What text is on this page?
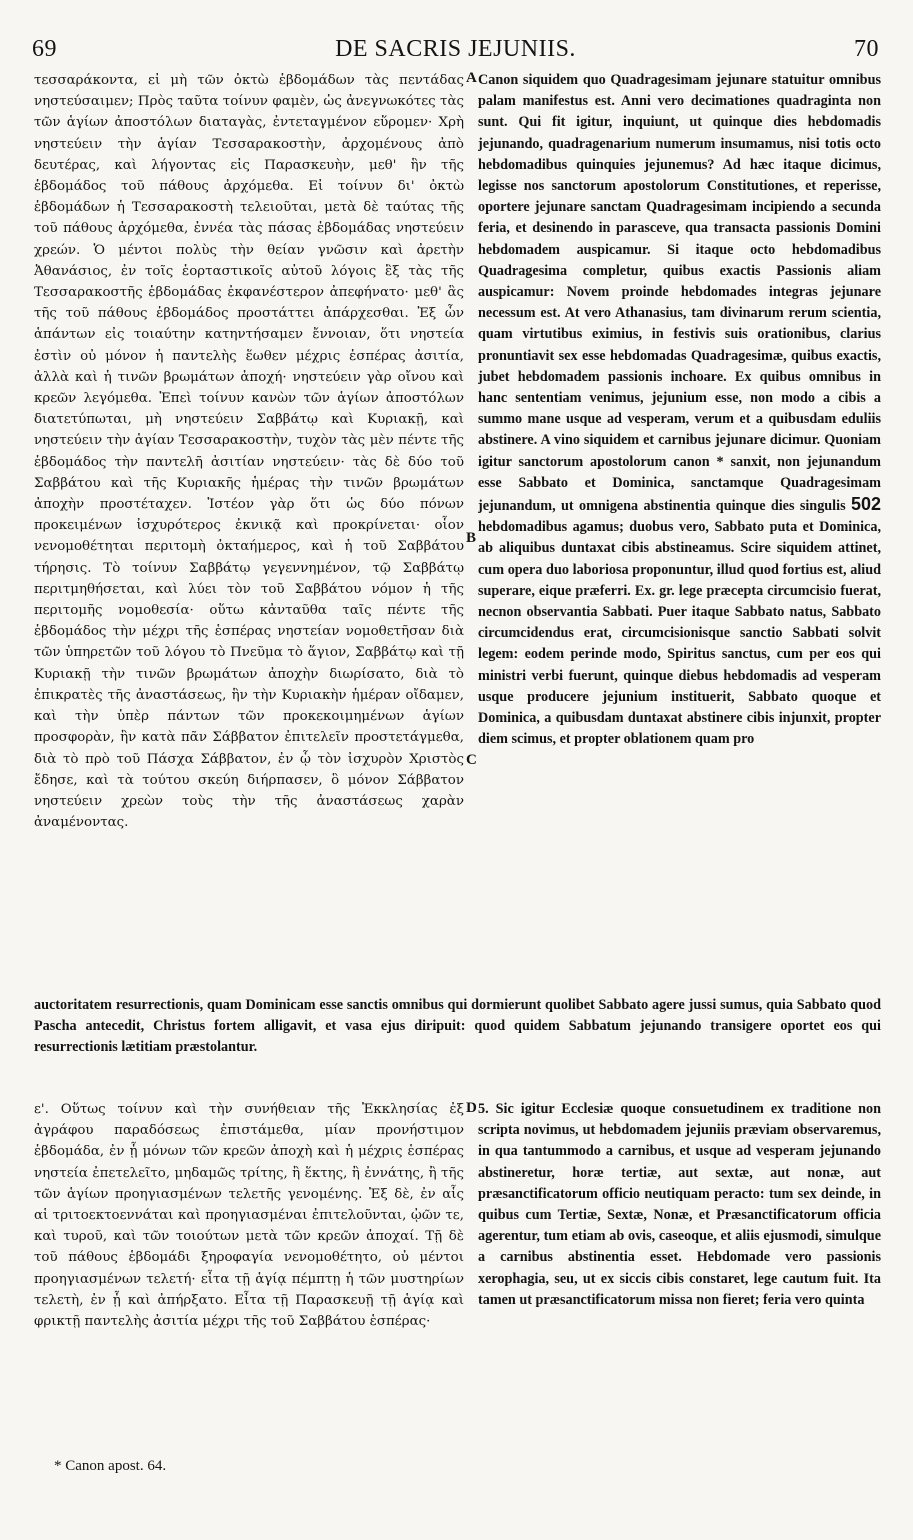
69	DE SACRIS JEJUNIIS.	70
A
B
C
D

τεσσαράκοντα, εἰ μὴ τῶν ὀκτὼ ἑβδομάδων τὰς πεντάδας νηστεύσαιμεν; Πρὸς ταῦτα τοίνυν φαμὲν, ὡς ἀνεγνωκότες τὰς τῶν ἁγίων ἀποστόλων διαταγὰς, ἐντεταγμένον εὕρομεν· Χρὴ νηστεύειν τὴν ἁγίαν Τεσσαρακοστὴν, ἀρχομένους ἀπὸ δευτέρας, καὶ λήγοντας εἰς Παρασκευὴν, μεθ' ἣν τῆς ἑβδομάδος τοῦ πάθους ἀρχόμεθα. Εἰ τοίνυν δι' ὀκτὼ ἑβδομάδων ἡ Τεσσαρακοστὴ τελειοῦται, μετὰ δὲ ταύτας τῆς τοῦ πάθους ἀρχόμεθα, ἐννέα τὰς πάσας ἑβδομάδας νηστεύειν χρεών. Ὁ μέντοι πολὺς τὴν θείαν γνῶσιν καὶ ἀρετὴν Ἀθανάσιος, ἐν τοῖς ἑορταστικοῖς αὐτοῦ λόγοις ἓξ τὰς τῆς Τεσσαρακοστῆς ἑβδομάδας ἐκφανέστερον ἀπεφήνατο· μεθ' ἃς τῆς τοῦ πάθους ἑβδομάδος προστάττει ἀπάρχεσθαι. Ἐξ ὧν ἁπάντων εἰς τοιαύτην κατηντήσαμεν ἔννοιαν, ὅτι νηστεία ἐστὶν οὐ μόνον ἡ παντελὴς ἕωθεν μέχρις ἑσπέρας ἀσιτία, ἀλλὰ καὶ ἡ τινῶν βρωμάτων ἀποχή· νηστεύειν γὰρ οἴνου καὶ κρεῶν λεγόμεθα. Ἐπεὶ τοίνυν κανὼν τῶν ἁγίων ἀποστόλων διατετύπωται, μὴ νηστεύειν Σαββάτῳ καὶ Κυριακῇ, καὶ νηστεύειν τὴν ἁγίαν Τεσσαρακοστὴν, τυχὸν τὰς μὲν πέντε τῆς ἑβδομάδος τὴν παντελῆ ἀσιτίαν νηστεύειν· τὰς δὲ δύο τοῦ Σαββάτου καὶ τῆς Κυριακῆς ἡμέρας τὴν τινῶν βρωμάτων ἀποχὴν προστέταχεν. Ἰστέον γὰρ ὅτι ὡς δύο πόνων προκειμένων ἰσχυρότερος ἐκνικᾷ καὶ προκρίνεται· οἷον νενομοθέτηται περιτομὴ ὀκταήμερος, καὶ ἡ τοῦ Σαββάτου τήρησις. Τὸ τοίνυν Σαββάτῳ γεγεννημένον, τῷ Σαββάτῳ περιτμηθήσεται, καὶ λύει τὸν τοῦ Σαββάτου νόμον ἡ τῆς περιτομῆς νομοθεσία· οὕτω κἀνταῦθα ταῖς πέντε τῆς ἑβδομάδος τὴν μέχρι τῆς ἑσπέρας νηστείαν νομοθετῆσαν διὰ τῶν ὑπηρετῶν τοῦ λόγου τὸ Πνεῦμα τὸ ἅγιον, Σαββάτῳ καὶ τῇ Κυριακῇ τὴν τινῶν βρωμάτων ἀποχὴν διωρίσατο, διὰ τὸ ἐπικρατὲς τῆς ἀναστάσεως, ἣν τὴν Κυριακὴν ἡμέραν οἴδαμεν, καὶ τὴν ὑπὲρ πάντων τῶν προκεκοιμημένων ἁγίων προσφορὰν, ἣν κατὰ πᾶν Σάββατον ἐπιτελεῖν προστετάγμεθα, διὰ τὸ πρὸ τοῦ Πάσχα Σάββατον, ἐν ᾧ τὸν ἰσχυρὸν Χριστὸς ἔδησε, καὶ τὰ τούτου σκεύη διήρπασεν, ὃ μόνον Σάββατον νηστεύειν χρεὼν τοὺς τὴν τῆς ἀναστάσεως χαρὰν ἀναμένοντας.

Canon siquidem quo Quadragesimam jejunare statuitur omnibus palam manifestus est. Anni vero decimationes quadraginta non sunt. Qui fit igitur, inquiunt, ut quinque dies hebdomadis jejunando, quadragenarium numerum insumamus, nisi totis octo hebdomadibus quinquies jejunemus? Ad hæc itaque dicimus, legisse nos sanctorum apostolorum Constitutiones, et reperisse, oportere jejunare sanctam Quadragesimam incipiendo a secunda feria, et desinendo in parasceve, qua transacta passionis Domini hebdomadem auspicamur. Si itaque octo hebdomadibus Quadragesima completur, quibus exactis Passionis aliam auspicamur: Novem proinde hebdomades integras jejunare necessum est. At vero Athanasius, tam divinarum rerum scientia, quam virtutibus eximius, in festivis suis orationibus, clarius pronuntiavit sex esse hebdomadas Quadragesimæ, quibus exactis, jubet hebdomadem passionis inchoare. Ex quibus omnibus in hanc sententiam venimus, jejunium esse, non modo a cibis a summo mane usque ad vesperam, verum et a quibusdam eduliis abstinere. A vino siquidem et carnibus jejunare dicimur. Quoniam igitur sanctorum apostolorum canon * sanxit, non jejunandum esse Sabbato et Dominica, sanctamque Quadragesimam jejunandum, ut omnigena abstinentia quinque dies singulis 502 hebdomadibus agamus; duobus vero, Sabbato puta et Dominica, ab aliquibus duntaxat cibis abstineamus. Scire siquidem attinet, cum opera duo laboriosa proponuntur, illud quod fortius est, aliud superare, eique præferri. Ex. gr. lege præcepta circumcisio fuerat, necnon observantia Sabbati. Puer itaque Sabbato natus, Sabbato circumcidendus erat, circumcisionisque sanctio Sabbati solvit legem: eodem perinde modo, Spiritus sanctus, cum per eos qui ministri verbi fuerunt, quinque diebus hebdomadis ad vesperam usque producere jejunium instituerit, Sabbato quoque et Dominica, a quibusdam duntaxat abstinere cibis injunxit, propter diem scimus, et propter oblationem quam pro

auctoritatem resurrectionis, quam Dominicam esse sanctis omnibus qui dormierunt quolibet Sabbato agere jussi sumus, quia Sabbato quod Pascha antecedit, Christus fortem alligavit, et vasa ejus diripuit: quod quidem Sabbatum jejunando transigere oportet eos qui resurrectionis lætitiam præstolantur.

ε'. Οὕτως τοίνυν καὶ τὴν συνήθειαν τῆς Ἐκκλησίας ἐξ ἀγράφου παραδόσεως ἐπιστάμεθα, μίαν προνήστιμον ἑβδομάδα, ἐν ᾗ μόνων τῶν κρεῶν ἀποχὴ καὶ ἡ μέχρις ἑσπέρας νηστεία ἐπετελεῖτο, μηδαμῶς τρίτης, ἢ ἕκτης, ἢ ἐννάτης, ἢ τῆς τῶν ἁγίων προηγιασμένων τελετῆς γενομένης. Ἐξ δὲ, ἐν αἷς αἱ τριτοεκτοεννάται καὶ προηγιασμέναι ἐπιτελοῦνται, ᾠῶν τε, καὶ τυροῦ, καὶ τῶν τοιούτων μετὰ τῶν κρεῶν ἀποχαί. Τῇ δὲ τοῦ πάθους ἑβδομάδι ξηροφαγία νενομοθέτητο, οὐ μέντοι προηγιασμένων τελετή· εἶτα τῇ ἁγίᾳ πέμπτῃ ἡ τῶν μυστηρίων τελετὴ, ἐν ᾗ καὶ ἀπήρξατο. Εἶτα τῇ Παρασκευῇ τῇ ἁγίᾳ καὶ φρικτῇ παντελὴς ἀσιτία μέχρι τῆς τοῦ Σαββάτου ἑσπέρας·

5. Sic igitur Ecclesiæ quoque consuetudinem ex traditione non scripta novimus, ut hebdomadem jejuniis præviam observaremus, in qua tantummodo a carnibus, et usque ad vesperam jejunando abstineretur, horæ tertiæ, aut sextæ, aut nonæ, aut præsanctificatorum officio neutiquam peracto: tum sex deinde, in quibus cum Tertiæ, Sextæ, Nonæ, et Præsanctificatorum officia agerentur, tum etiam ab ovis, caseoque, et aliis ejusmodi, simulque a carnibus abstinentia esset. Hebdomade vero passionis xerophagia, seu, ut ex siccis cibis constaret, lege cautum fuit. Ita tamen ut præsanctificatorum missa non fieret; feria vero quinta

* Canon apost. 64.
